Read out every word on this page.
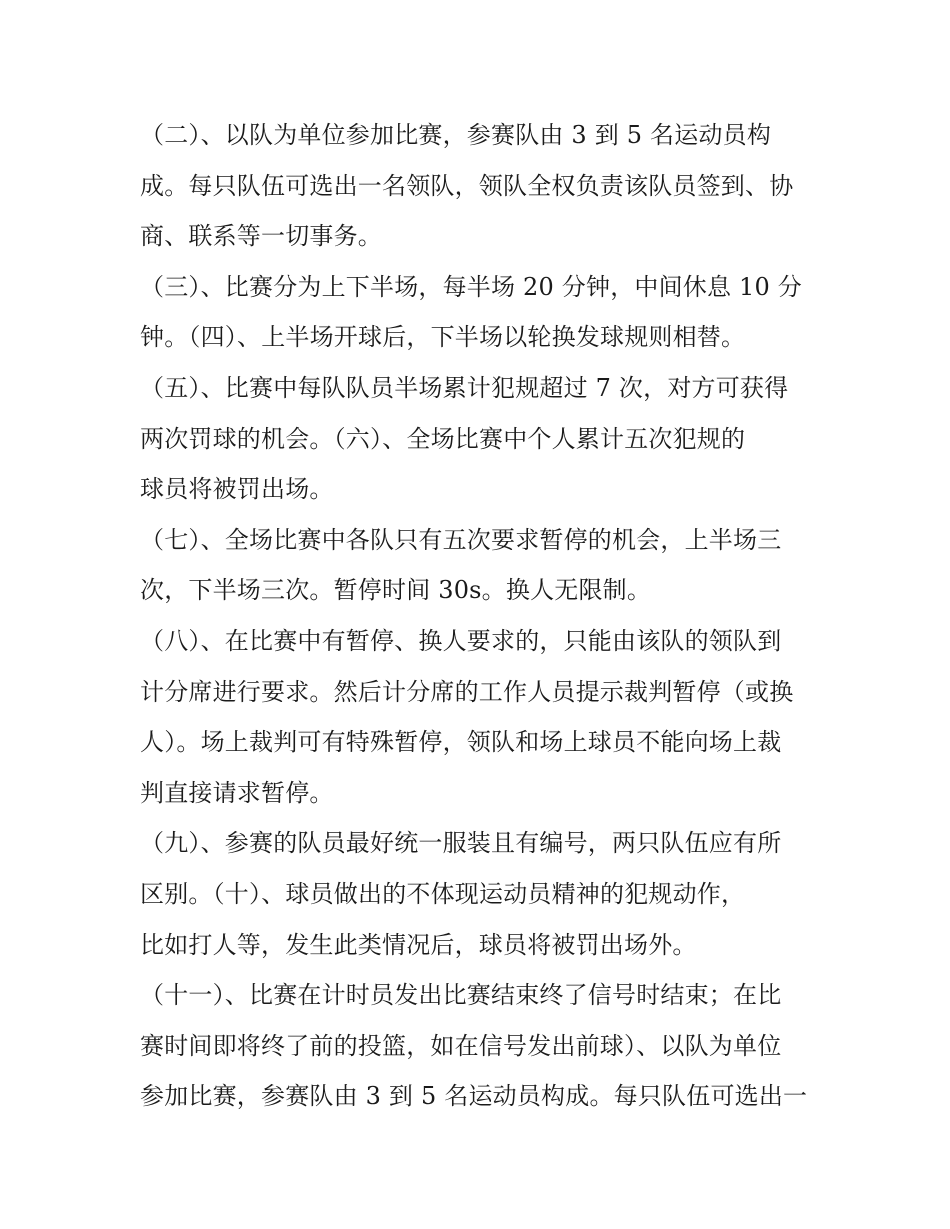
（二）、以队为单位参加比赛，参赛队由 3 到 5 名运动员构
成。每只队伍可选出一名领队，领队全权负责该队员签到、协
商、联系等一切事务。
（三）、比赛分为上下半场，每半场 20 分钟，中间休息 10 分
钟。（四）、上半场开球后，下半场以轮换发球规则相替。
（五）、比赛中每队队员半场累计犯规超过 7 次，对方可获得
两次罚球的机会。（六）、全场比赛中个人累计五次犯规的
球员将被罚出场。
（七）、全场比赛中各队只有五次要求暂停的机会，上半场三
次，下半场三次。暂停时间 30s。换人无限制。
（八）、在比赛中有暂停、换人要求的，只能由该队的领队到
计分席进行要求。然后计分席的工作人员提示裁判暂停（或换
人）。场上裁判可有特殊暂停，领队和场上球员不能向场上裁
判直接请求暂停。
（九）、参赛的队员最好统一服装且有编号，两只队伍应有所
区别。（十）、球员做出的不体现运动员精神的犯规动作，
比如打人等，发生此类情况后，球员将被罚出场外。
（十一）、比赛在计时员发出比赛结束终了信号时结束；在比
赛时间即将终了前的投篮，如在信号发出前球）、以队为单位
参加比赛，参赛队由 3 到 5 名运动员构成。每只队伍可选出一
